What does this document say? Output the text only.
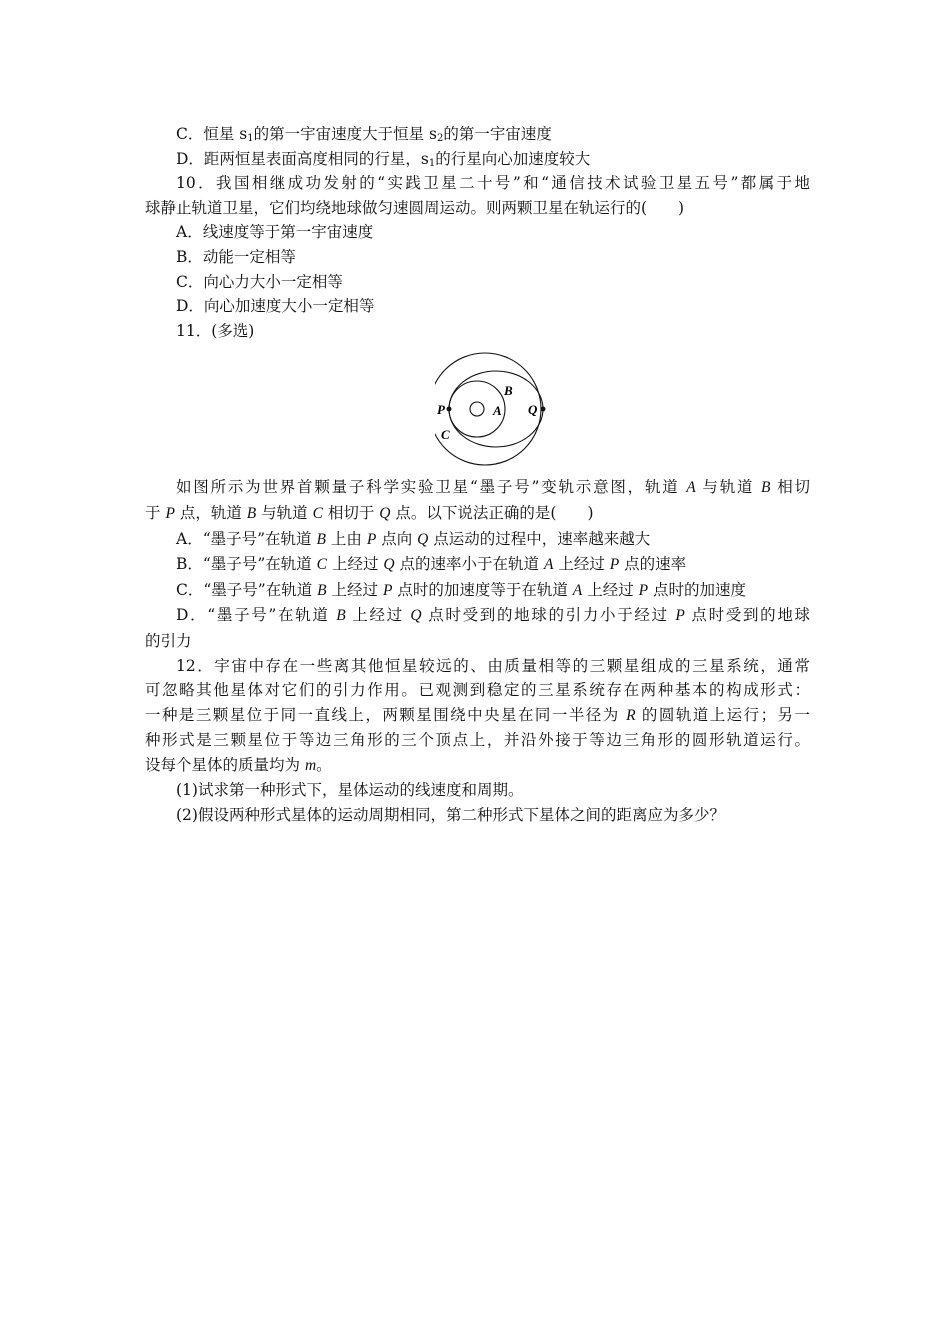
C．恒星 $s_1$的第一宇宙速度大于恒星 $s_2$的第一宇宙速度
D．距两恒星表面高度相同的行星，$s_1$的行星向心加速度较大
10．我国相继成功发射的“实践卫星二十号”和“通信技术试验卫星五号”都属于地
球静止轨道卫星，它们均绕地球做匀速圆周运动。则两颗卫星在轨运行的(　　)
A．线速度等于第一宇宙速度
B．动能一定相等
C．向心力大小一定相等
D．向心加速度大小一定相等
11．(多选)
P	A
B
Q
C
如图所示为世界首颗量子科学实验卫星“墨子号”变轨示意图，轨道 A 与轨道 B 相切
于 P 点，轨道 B 与轨道 C 相切于 Q 点。以下说法正确的是(　　)
A．“墨子号”在轨道 B 上由 P 点向 Q 点运动的过程中，速率越来越大
B．“墨子号”在轨道 C 上经过 Q 点的速率小于在轨道 A 上经过 P 点的速率
C．“墨子号”在轨道 B 上经过 P 点时的加速度等于在轨道 A 上经过 P 点时的加速度
D．“墨子号”在轨道 B 上经过 Q 点时受到的地球的引力小于经过 P 点时受到的地球
的引力
12．宇宙中存在一些离其他恒星较远的、由质量相等的三颗星组成的三星系统，通常
可忽略其他星体对它们的引力作用。已观测到稳定的三星系统存在两种基本的构成形式：
一种是三颗星位于同一直线上，两颗星围绕中央星在同一半径为 R 的圆轨道上运行；另一
种形式是三颗星位于等边三角形的三个顶点上，并沿外接于等边三角形的圆形轨道运行。
设每个星体的质量均为 m。
(1)试求第一种形式下，星体运动的线速度和周期。
(2)假设两种形式星体的运动周期相同，第二种形式下星体之间的距离应为多少？
